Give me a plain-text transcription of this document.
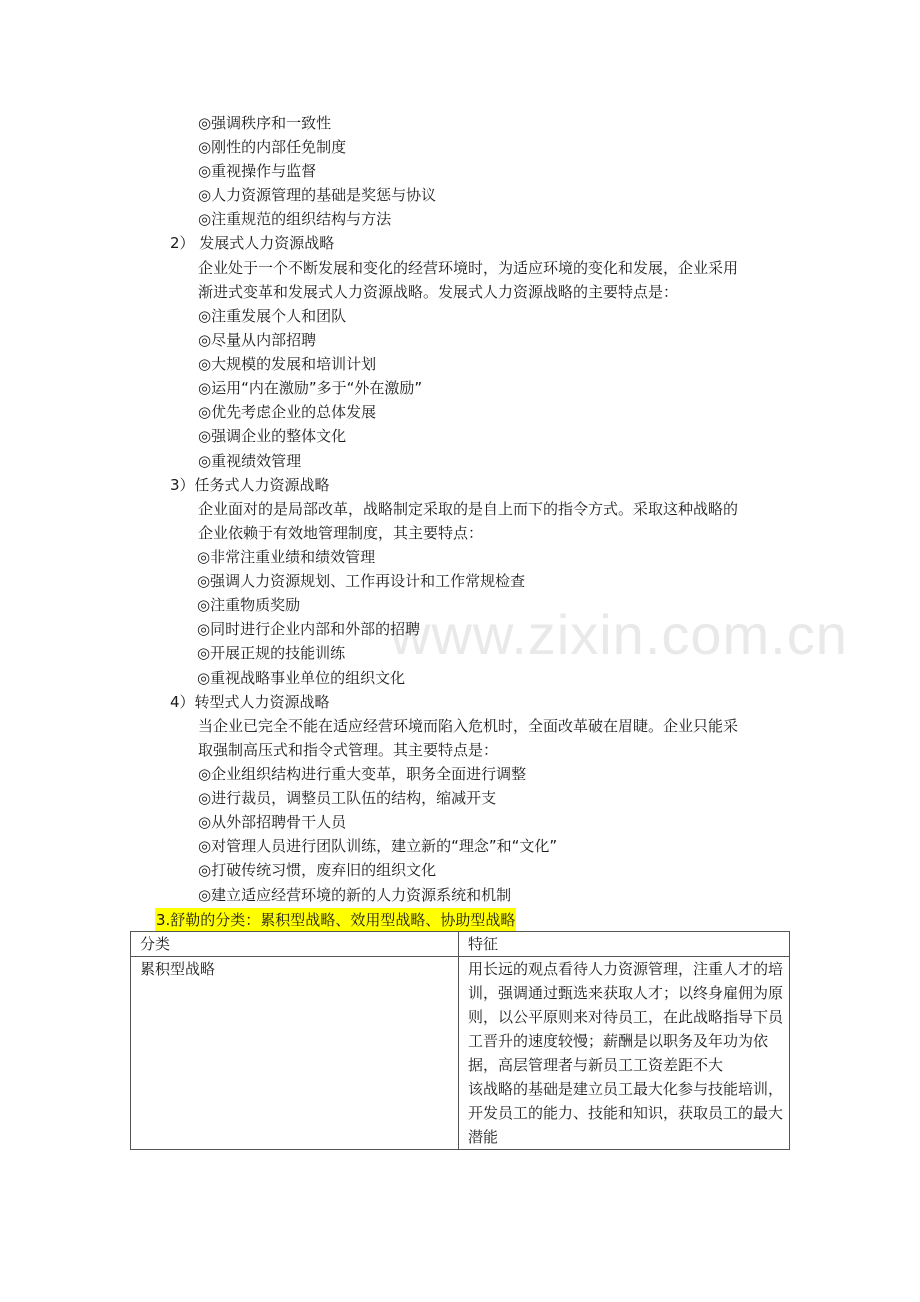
www.zixin.com.cn
◎强调秩序和一致性
◎刚性的内部任免制度
◎重视操作与监督
◎人力资源管理的基础是奖惩与协议
◎注重规范的组织结构与方法
2） 发展式人力资源战略
企业处于一个不断发展和变化的经营环境时，为适应环境的变化和发展，企业采用
渐进式变革和发展式人力资源战略。发展式人力资源战略的主要特点是：
◎注重发展个人和团队
◎尽量从内部招聘
◎大规模的发展和培训计划
◎运用“内在激励”多于“外在激励”
◎优先考虑企业的总体发展
◎强调企业的整体文化
◎重视绩效管理
3）任务式人力资源战略
企业面对的是局部改革，战略制定采取的是自上而下的指令方式。采取这种战略的
企业依赖于有效地管理制度，其主要特点：
◎非常注重业绩和绩效管理
◎强调人力资源规划、工作再设计和工作常规检查
◎注重物质奖励
◎同时进行企业内部和外部的招聘
◎开展正规的技能训练
◎重视战略事业单位的组织文化
4）转型式人力资源战略
当企业已完全不能在适应经营环境而陷入危机时，全面改革破在眉睫。企业只能采
取强制高压式和指令式管理。其主要特点是：
◎企业组织结构进行重大变革，职务全面进行调整
◎进行裁员，调整员工队伍的结构，缩减开支
◎从外部招聘骨干人员
◎对管理人员进行团队训练，建立新的“理念”和“文化”
◎打破传统习惯，废弃旧的组织文化
◎建立适应经营环境的新的人力资源系统和机制
3.舒勒的分类：累积型战略、效用型战略、协助型战略
分类	特征
累积型战略	用长远的观点看待人力资源管理，注重人才的培训，强调通过甄选来获取人才；以终身雇佣为原则，以公平原则来对待员工，在此战略指导下员工晋升的速度较慢；薪酬是以职务及年功为依据，高层管理者与新员工工资差距不大
该战略的基础是建立员工最大化参与技能培训，开发员工的能力、技能和知识，获取员工的最大潜能
